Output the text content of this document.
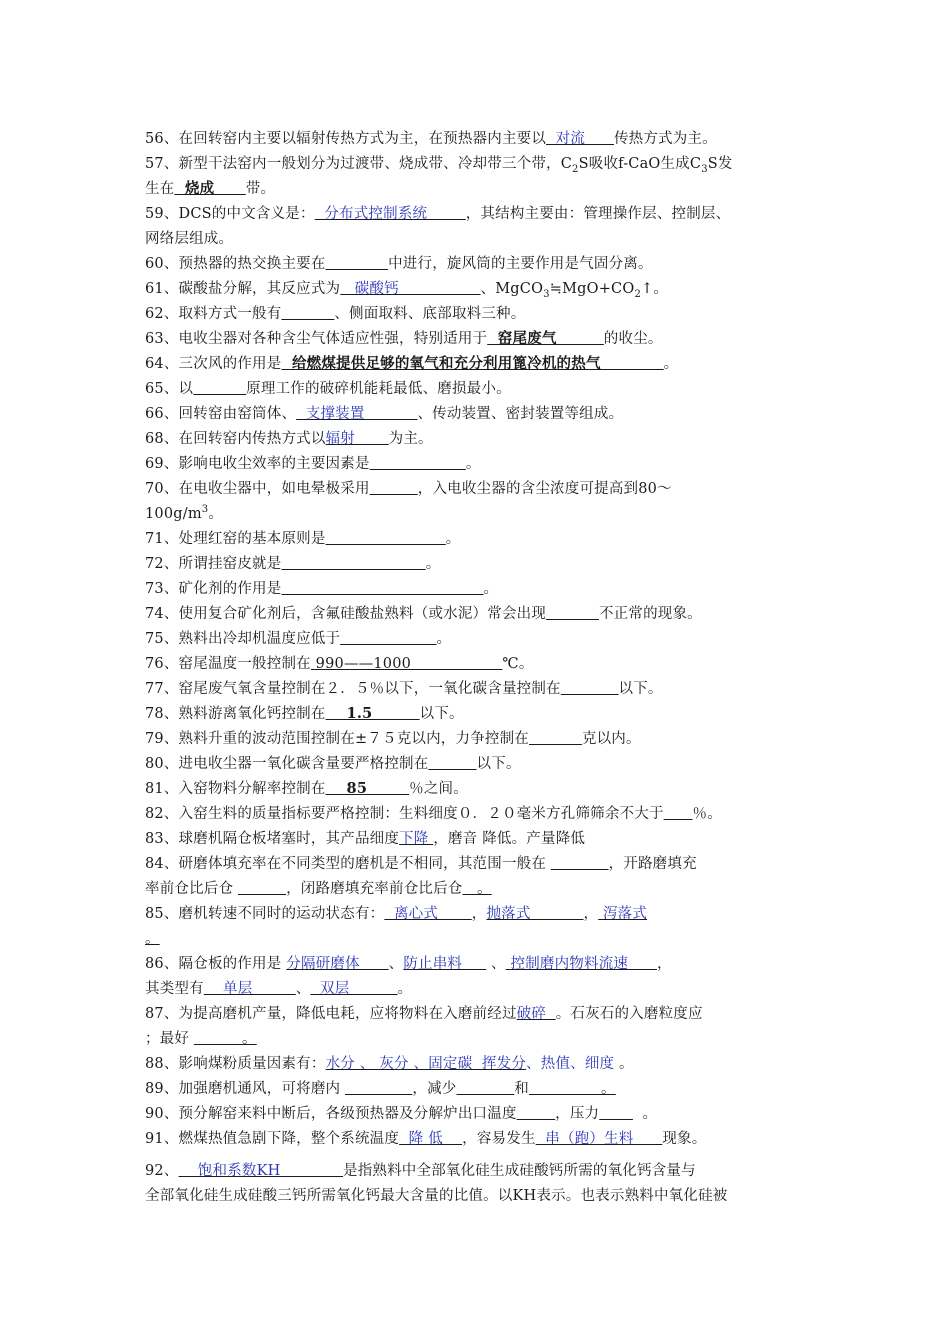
56、在回转窑内主要以辐射传热方式为主，在预热器内主要以  对流      传热方式为主。
57、新型干法窑内一般划分为过渡带、烧成带、冷却带三个带，$C_2S$吸收f-CaO生成$C_3S$发
生在  烧成      带。
59、DCS的中文含义是：  分布式控制系统        ，其结构主要由：管理操作层、控制层、
网络层组成。
60、预热器的热交换主要在	中进行，旋风筒的主要作用是气固分离。
61、碳酸盐分解，其反应式为   碳酸钙                 、$MgCO_3≒MgO+CO_2↑$。
62、取料方式一般有	、侧面取料、底部取料三种。
63、电收尘器对各种含尘气体适应性强，特别适用于  窑尾废气         的收尘。
64、三次风的作用是  给燃煤提供足够的氧气和充分利用篦冷机的热气            。
65、以	原理工作的破碎机能耗最低、磨损最小。
66、回转窑由窑筒体、  支撑装置           、传动装置、密封装置等组成。
68、在回转窑内传热方式以辐射       为主。
69、影响电收尘效率的主要因素是	。
70、在电收尘器中，如电晕极采用	，入电收尘器的含尘浓度可提高到80～
$100g/m^3$。
71、处理红窑的基本原则是	。
72、所谓挂窑皮就是	。
73、矿化剂的作用是	。
74、使用复合矿化剂后，含氟硅酸盐熟料（或水泥）常会出现	不正常的现象。
75、熟料出冷却机温度应低于	。
76、窑尾温度一般控制在 990——1000                   ℃。
77、窑尾废气氧含量控制在２．５％以下，一氧化碳含量控制在	以下。
78、熟料游离氧化钙控制在    1.5         以下。
79、熟料升重的波动范围控制在±７５克以内，力争控制在	克以内。
80、进电收尘器一氧化碳含量要严格控制在	以下。
81、入窑物料分解率控制在    85        ％之间。
82、入窑生料的质量指标要严格控制：生料细度０．２０毫米方孔筛筛余不大于 ％。
83、球磨机隔仓板堵塞时，其产品细度下降 ，磨音 降低。产量降低
84、研磨体填充率在不同类型的磨机是不相同，其范围一般在	，开路磨填充
率前仓比后仓	，闭路磨填充率前仓比后仓   。
85、磨机转速不同时的运动状态有：  离心式       ，抛落式           ， 泻落式
。
86、隔仓板的作用是 分隔研磨体      、防止串料      、 控制磨内物料流速      ，
其类型有    单层         、  双层          。
87、为提高磨机产量，降低电耗，应将物料在入磨前经过破碎 。石灰石的入磨粒度应
；最好           。
88、影响煤粉质量因素有：水分 、 灰分 、固定碳  挥发分、热值、细度 。
89、加强磨机通风，可将磨内	，减少	和               。
90、预分解窑来料中断后，各级预热器及分解炉出口温度	，压力         。
91、燃煤热值急剧下降，整个系统温度  降 低    ，容易发生  串（跑）生料      现象。
92、    饱和系数KH             是指熟料中全部氧化硅生成硅酸钙所需的氧化钙含量与
全部氧化硅生成硅酸三钙所需氧化钙最大含量的比值。以KH表示。也表示熟料中氧化硅被
